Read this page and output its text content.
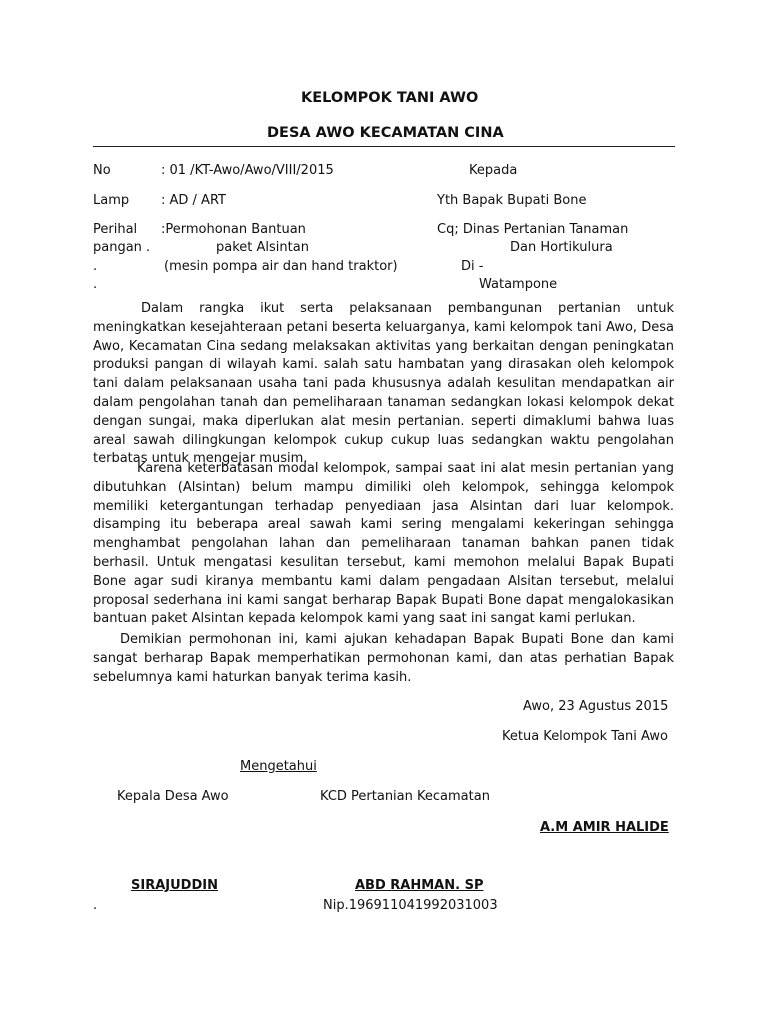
KELOMPOK TANI AWO
DESA AWO KECAMATAN CINA
No	: 01 /KT-Awo/Awo/VIII/2015
Lamp : AD / ART
Perihal :Permohonan Bantuan
pangan .	paket Alsintan
.	(mesin pompa air dan hand traktor)
.
Kepada
Yth Bapak Bupati Bone
Cq; Dinas Pertanian Tanaman
Dan Hortikulura
Di -
Watampone
Dalam rangka ikut serta pelaksanaan pembangunan pertanian untuk meningkatkan kesejahteraan petani beserta keluarganya, kami kelompok tani Awo, Desa Awo, Kecamatan Cina sedang melaksakan aktivitas yang berkaitan dengan peningkatan produksi pangan di wilayah kami. salah satu hambatan yang dirasakan oleh kelompok tani dalam pelaksanaan usaha tani pada khususnya adalah kesulitan mendapatkan air dalam pengolahan tanah dan pemeliharaan tanaman sedangkan lokasi kelompok dekat dengan sungai, maka diperlukan alat mesin pertanian. seperti dimaklumi bahwa luas areal sawah dilingkungan kelompok cukup cukup luas sedangkan waktu pengolahan terbatas untuk mengejar musim.
Karena keterbatasan modal kelompok, sampai saat ini alat mesin pertanian yang dibutuhkan (Alsintan) belum mampu dimiliki oleh kelompok, sehingga kelompok memiliki ketergantungan terhadap penyediaan jasa Alsintan dari luar kelompok. disamping itu beberapa areal sawah kami sering mengalami kekeringan sehingga menghambat pengolahan lahan dan pemeliharaan tanaman bahkan panen tidak berhasil. Untuk mengatasi kesulitan tersebut, kami memohon melalui Bapak Bupati Bone agar sudi kiranya membantu kami dalam pengadaan Alsitan tersebut, melalui proposal sederhana ini kami sangat berharap Bapak Bupati Bone dapat mengalokasikan bantuan paket Alsintan kepada kelompok kami yang saat ini sangat kami perlukan.
Demikian permohonan ini, kami ajukan kehadapan Bapak Bupati Bone dan kami sangat berharap Bapak memperhatikan permohonan kami, dan atas perhatian Bapak sebelumnya kami haturkan banyak terima kasih.
Awo, 23 Agustus 2015
Ketua Kelompok Tani Awo
Mengetahui
Kepala Desa Awo	KCD Pertanian Kecamatan
A.M AMIR HALIDE
SIRAJUDDIN	ABD RAHMAN. SP
.	Nip.196911041992031003
